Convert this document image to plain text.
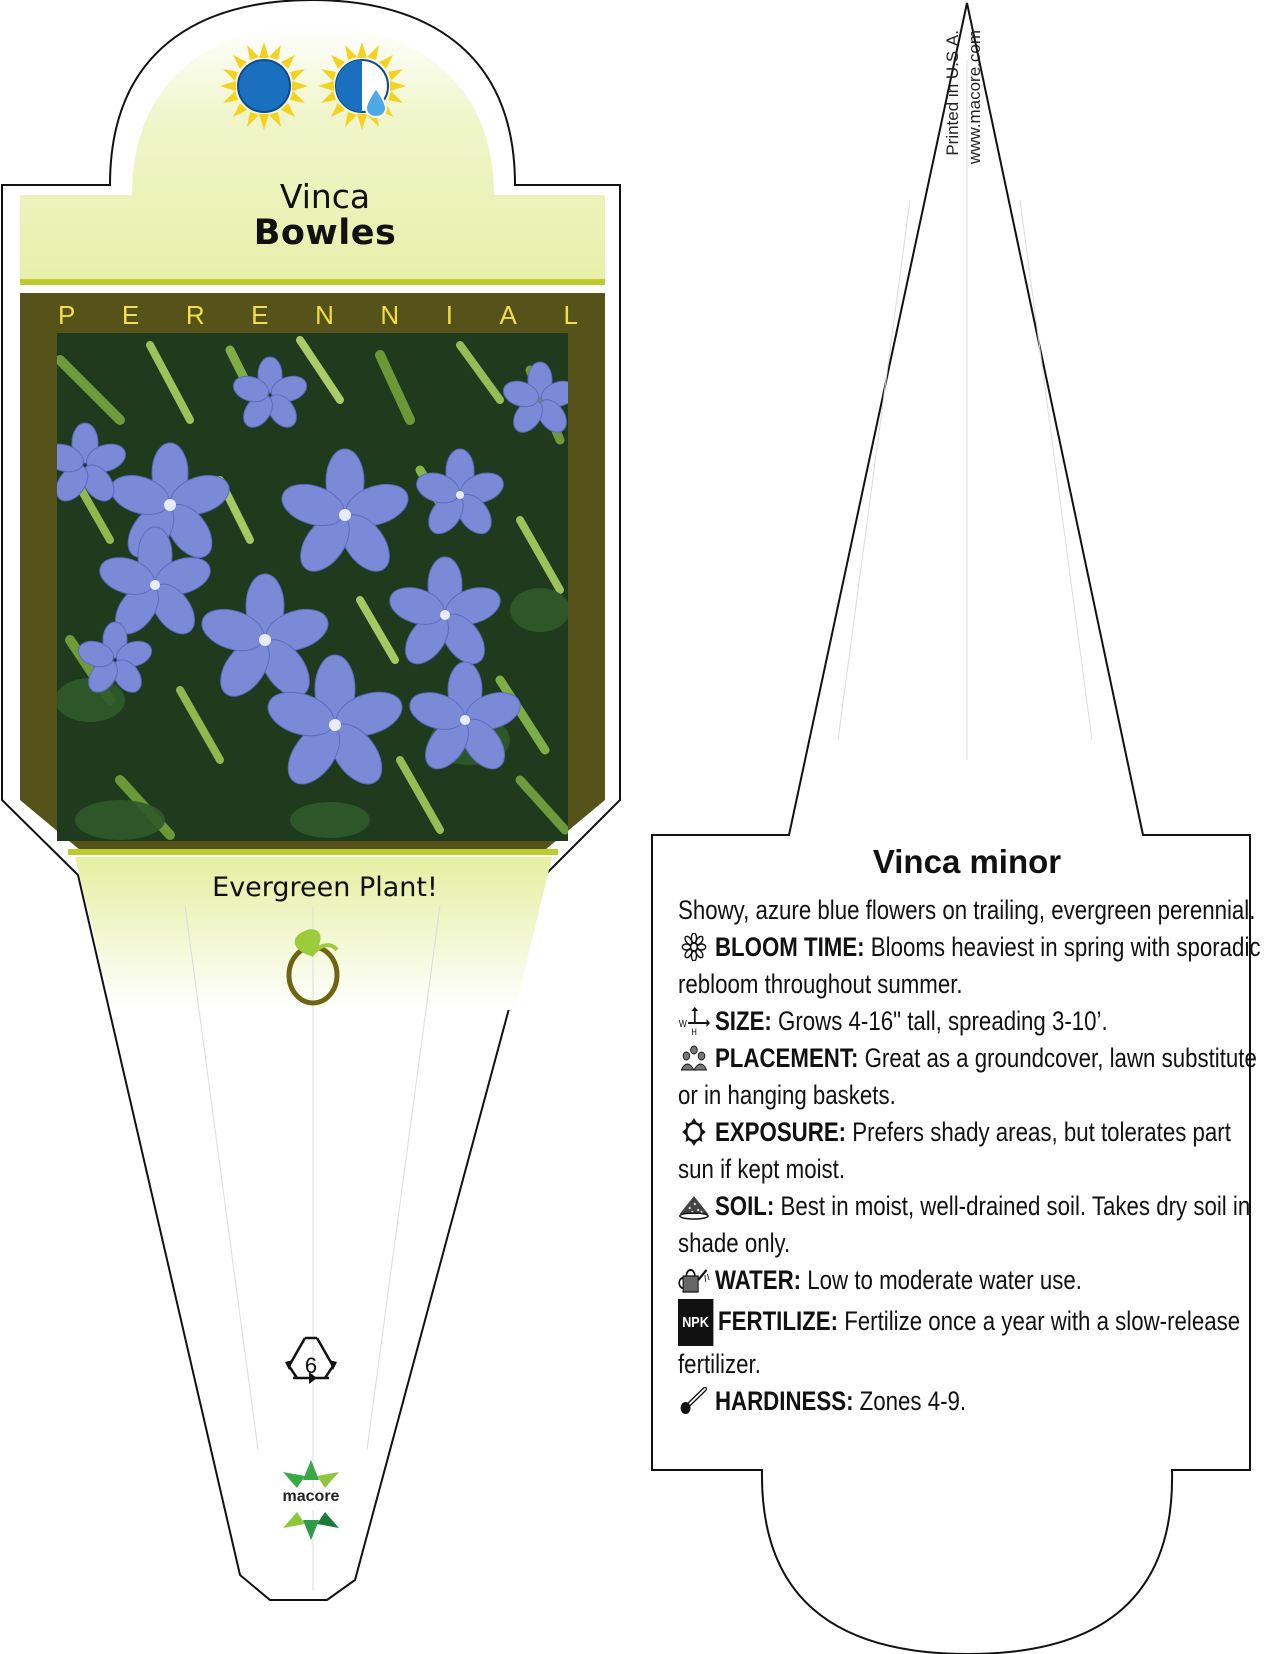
Vinca
Bowles
P E R E N N I A L
Evergreen Plant!
6
macore
Printed in U.S.A. www.macore.com
Vinca minor

Showy, azure blue flowers on trailing, evergreen perennial.

BLOOM TIME: Blooms heaviest in spring with sporadic rebloom throughout summer.

W
H SIZE: Grows 4-16" tall, spreading 3-10’.

PLACEMENT: Great as a groundcover, lawn substitute or in hanging baskets.

EXPOSURE: Prefers shady areas, but tolerates part sun if kept moist.

SOIL: Best in moist, well-drained soil. Takes dry soil in shade only.

WATER: Low to moderate water use.

NPK FERTILIZE: Fertilize once a year with a slow-release fertilizer.

HARDINESS: Zones 4-9.
